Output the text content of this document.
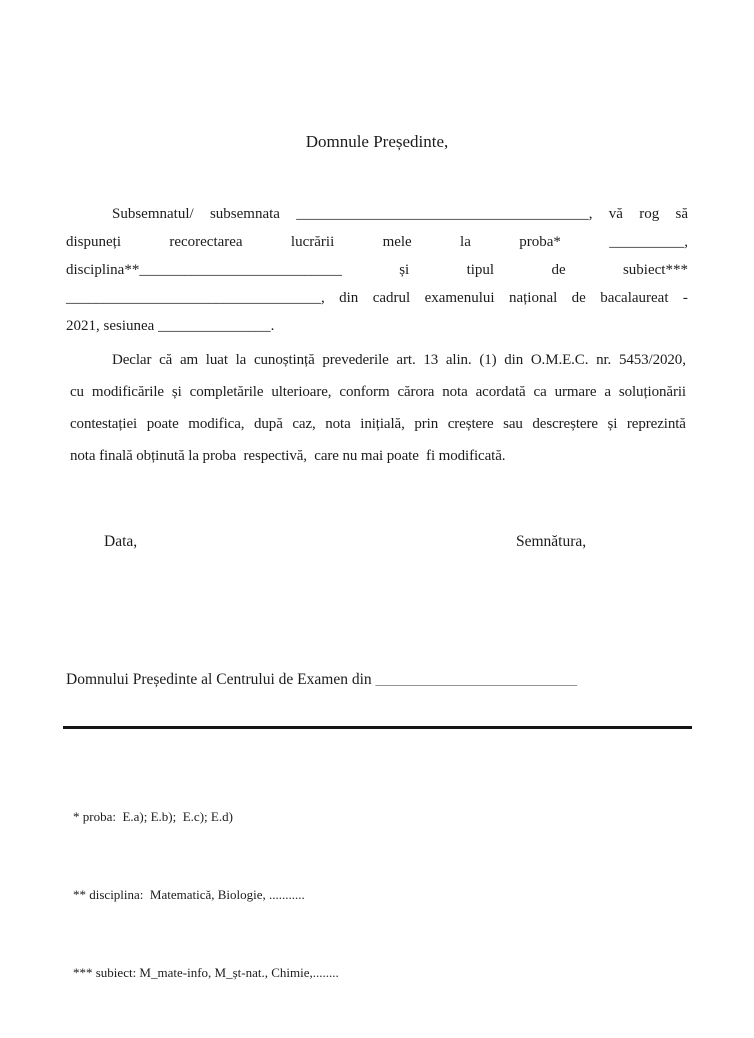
Domnule Președinte,
Subsemnatul/ subsemnata _______________________________________, vă rog să
dispuneți	recorectarea	lucrării	mele	la	proba*	__________,
disciplina**___________________________	și	tipul	de	subiect***
__________________________________, din cadrul examenului național de bacalaureat -
2021, sesiunea _______________.
Declar că am luat la cunoștință prevederile art. 13 alin. (1) din O.M.E.C. nr. 5453/2020,
cu modificările și completările ulterioare, conform cărora nota acordată ca urmare a soluționării
contestației poate modifica, după caz, nota inițială, prin creștere sau descreștere și reprezintă
nota finală obținută la proba  respectivă,  care nu mai poate  fi modificată.
Data,	Semnătura,
Domnului Președinte al Centrului de Examen din __________________________

* proba:  E.a); E.b);  E.c); E.d)

** disciplina:  Matematică, Biologie, ...........

*** subiect: M_mate-info, M_șt-nat., Chimie,........
